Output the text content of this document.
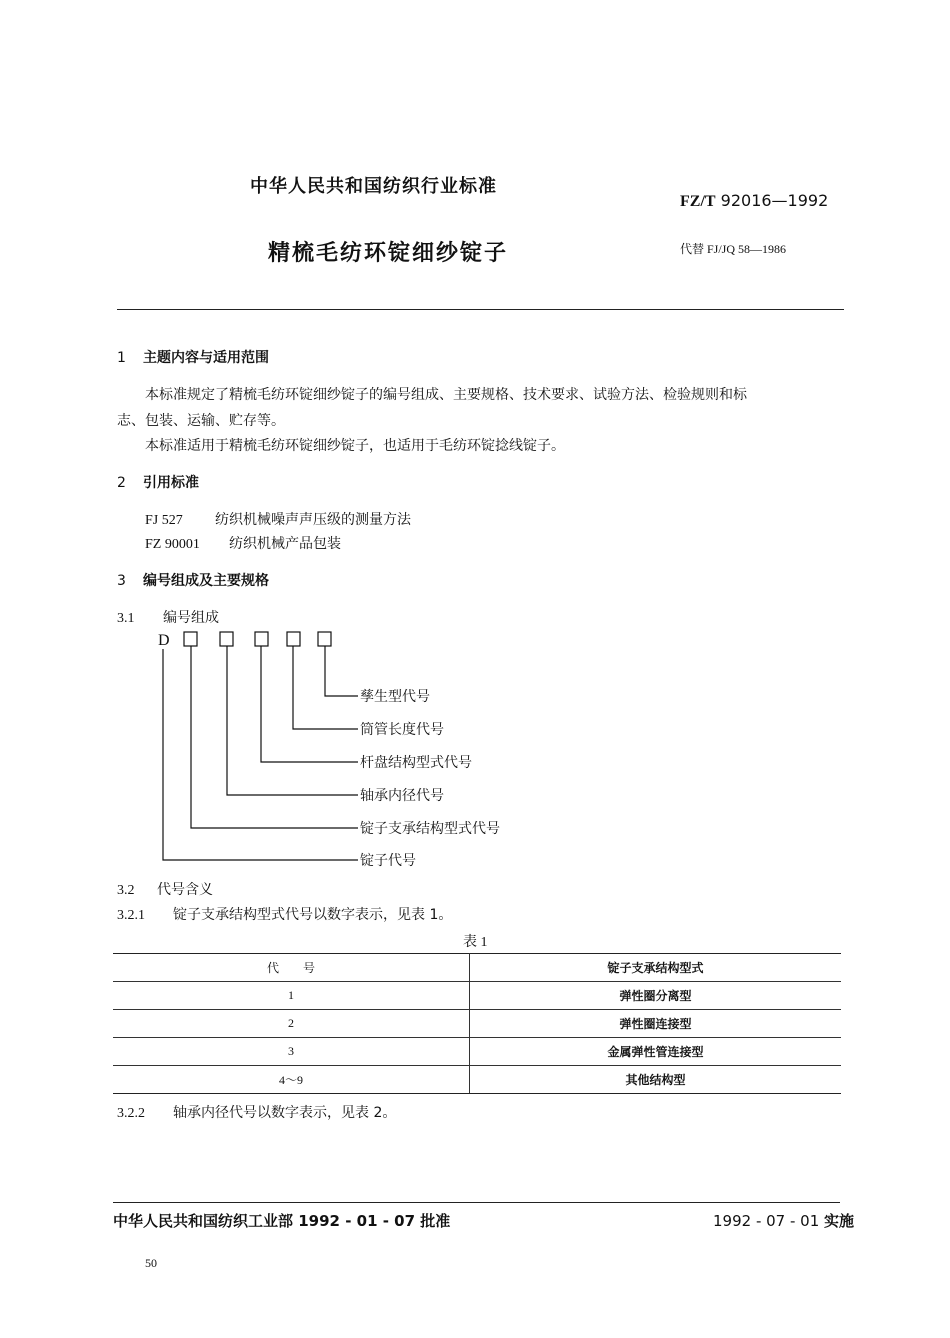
中华人民共和国纺织行业标准
FZ/T 92016—1992
精梳毛纺环锭细纱锭子	代替 FJ/JQ 58—1986
1 主题内容与适用范围
本标准规定了精梳毛纺环锭细纱锭子的编号组成、主要规格、技术要求、试验方法、检验规则和标
志、包装、运输、贮存等。
本标准适用于精梳毛纺环锭细纱锭子，也适用于毛纺环锭捻线锭子。
2 引用标准
FJ 527 纺织机械噪声声压级的测量方法
FZ 90001 纺织机械产品包装
3 编号组成及主要规格
3.1 编号组成
D
孳生型代号
筒管长度代号
杆盘结构型式代号
轴承内径代号
锭子支承结构型式代号
锭子代号
3.2 代号含义
3.2.1 锭子支承结构型式代号以数字表示，见表 1。
表 1
代　　号	锭子支承结构型式
1	弹性圈分离型
2	弹性圈连接型
3	金属弹性管连接型
4～9	其他结构型
3.2.2 轴承内径代号以数字表示，见表 2。
中华人民共和国纺织工业部 1992 - 01 - 07 批准	1992 - 07 - 01 实施
50
